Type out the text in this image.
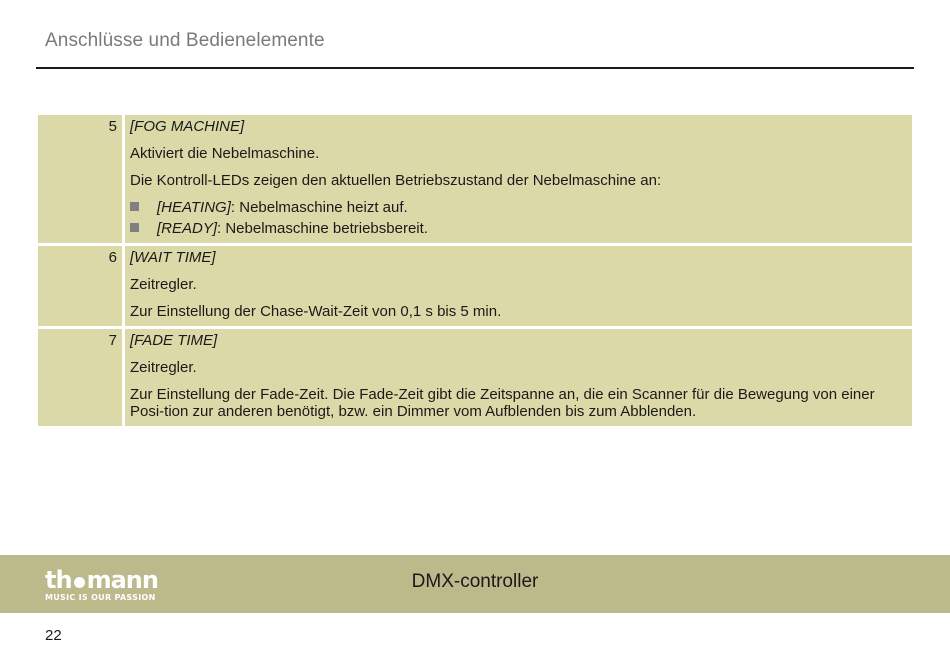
Anschlüsse und Bedienelemente
5 [FOG MACHINE]

Aktiviert die Nebelmaschine.

Die Kontroll-LEDs zeigen den aktuellen Betriebszustand der Nebelmaschine an:

[HEATING]: Nebelmaschine heizt auf.
[READY]: Nebelmaschine betriebsbereit.
6 [WAIT TIME]

Zeitregler.

Zur Einstellung der Chase-Wait-Zeit von 0,1 s bis 5 min.

7 [FADE TIME]

Zeitregler.

Zur Einstellung der Fade-Zeit. Die Fade-Zeit gibt die Zeitspanne an, die ein Scanner für die Bewegung von einer Posi-tion zur anderen benötigt, bzw. ein Dimmer vom Aufblenden bis zum Abblenden.

th mann
MUSIC IS OUR PASSION
DMX-controller
22
